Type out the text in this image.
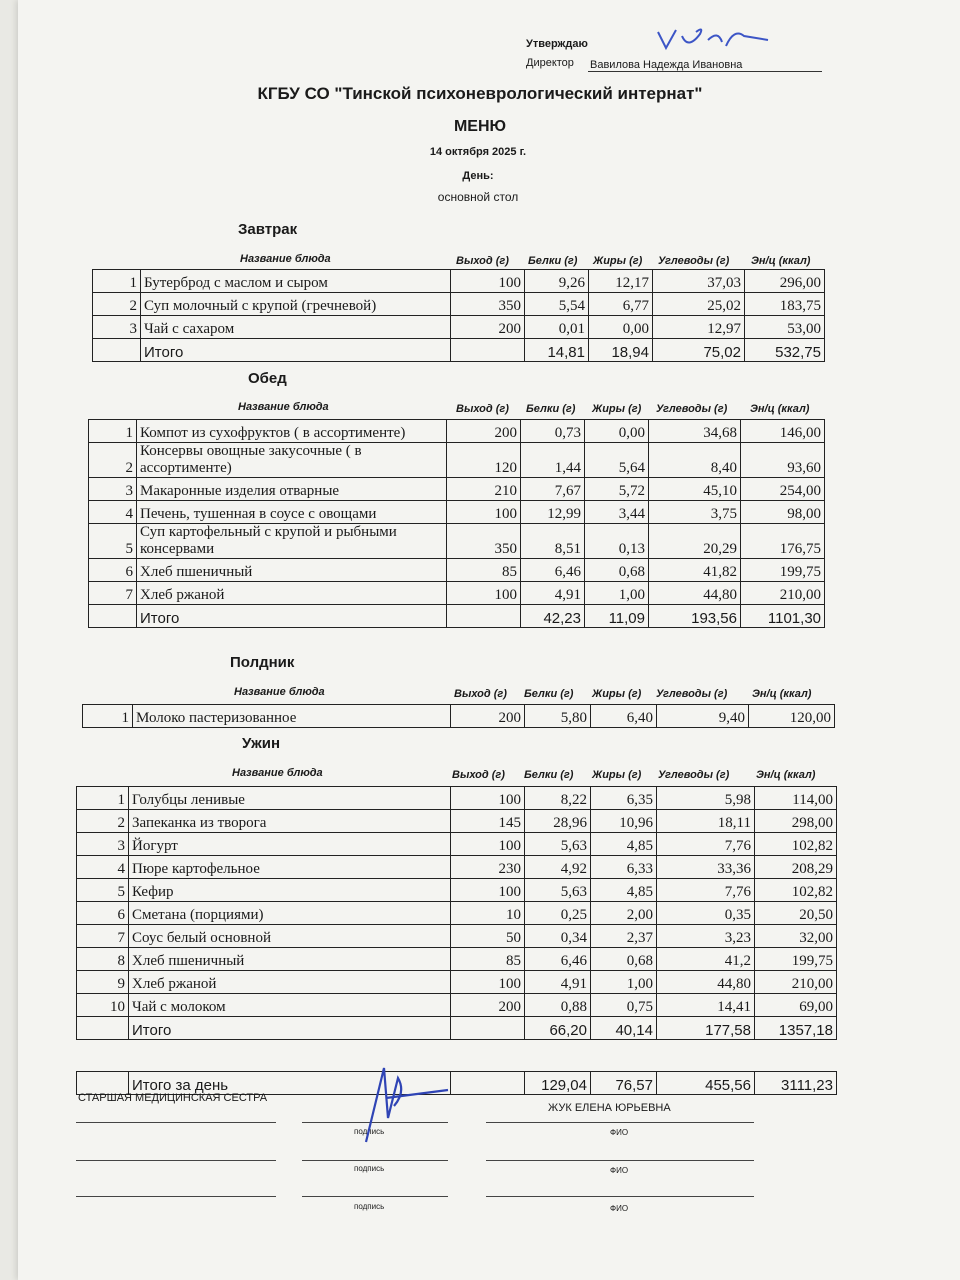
Утверждаю
Директор Вавилова Надежда Ивановна
КГБУ СО "Тинской психоневрологический интернат"
МЕНЮ
14 октября 2025 г.
День:
основной стол
Завтрак
Название блюда	Выход (г) Белки (г) Жиры (г) Углеводы (г) Эн/ц (ккал)
1	Бутерброд с маслом и сыром	100	9,26	12,17	37,03	296,00
2	Суп молочный с крупой (гречневой)	350	5,54	6,77	25,02	183,75
3	Чай с сахаром	200	0,01	0,00	12,97	53,00
	Итого		14,81	18,94	75,02	532,75
Обед
Название блюда	Выход (г) Белки (г) Жиры (г) Углеводы (г) Эн/ц (ккал)
1	Компот из сухофруктов ( в ассортименте)	200	0,73	0,00	34,68	146,00
2	Консервы овощные закусочные ( в ассортименте)	120	1,44	5,64	8,40	93,60
3	Макаронные изделия отварные	210	7,67	5,72	45,10	254,00
4	Печень, тушенная в соусе с овощами	100	12,99	3,44	3,75	98,00
5	Суп картофельный с крупой и рыбными консервами	350	8,51	0,13	20,29	176,75
6	Хлеб пшеничный	85	6,46	0,68	41,82	199,75
7	Хлеб ржаной	100	4,91	1,00	44,80	210,00
	Итого		42,23	11,09	193,56	1101,30
Полдник
Название блюда	Выход (г) Белки (г) Жиры (г) Углеводы (г) Эн/ц (ккал)
1	Молоко пастеризованное	200	5,80	6,40	9,40	120,00
Ужин
Название блюда	Выход (г) Белки (г) Жиры (г) Углеводы (г) Эн/ц (ккал)
1	Голубцы ленивые	100	8,22	6,35	5,98	114,00
2	Запеканка из творога	145	28,96	10,96	18,11	298,00
3	Йогурт	100	5,63	4,85	7,76	102,82
4	Пюре картофельное	230	4,92	6,33	33,36	208,29
5	Кефир	100	5,63	4,85	7,76	102,82
6	Сметана (порциями)	10	0,25	2,00	0,35	20,50
7	Соус белый основной	50	0,34	2,37	3,23	32,00
8	Хлеб пшеничный	85	6,46	0,68	41,2	199,75
9	Хлеб ржаной	100	4,91	1,00	44,80	210,00
10	Чай с молоком	200	0,88	0,75	14,41	69,00
	Итого		66,20	40,14	177,58	1357,18
	Итого за день		129,04	76,57	455,56	3111,23
СТАРШАЯ МЕДИЦИНСКАЯ СЕСТРА
подпись
ЖУК ЕЛЕНА ЮРЬЕВНА
ФИО
подпись	ФИО
подпись	ФИО
